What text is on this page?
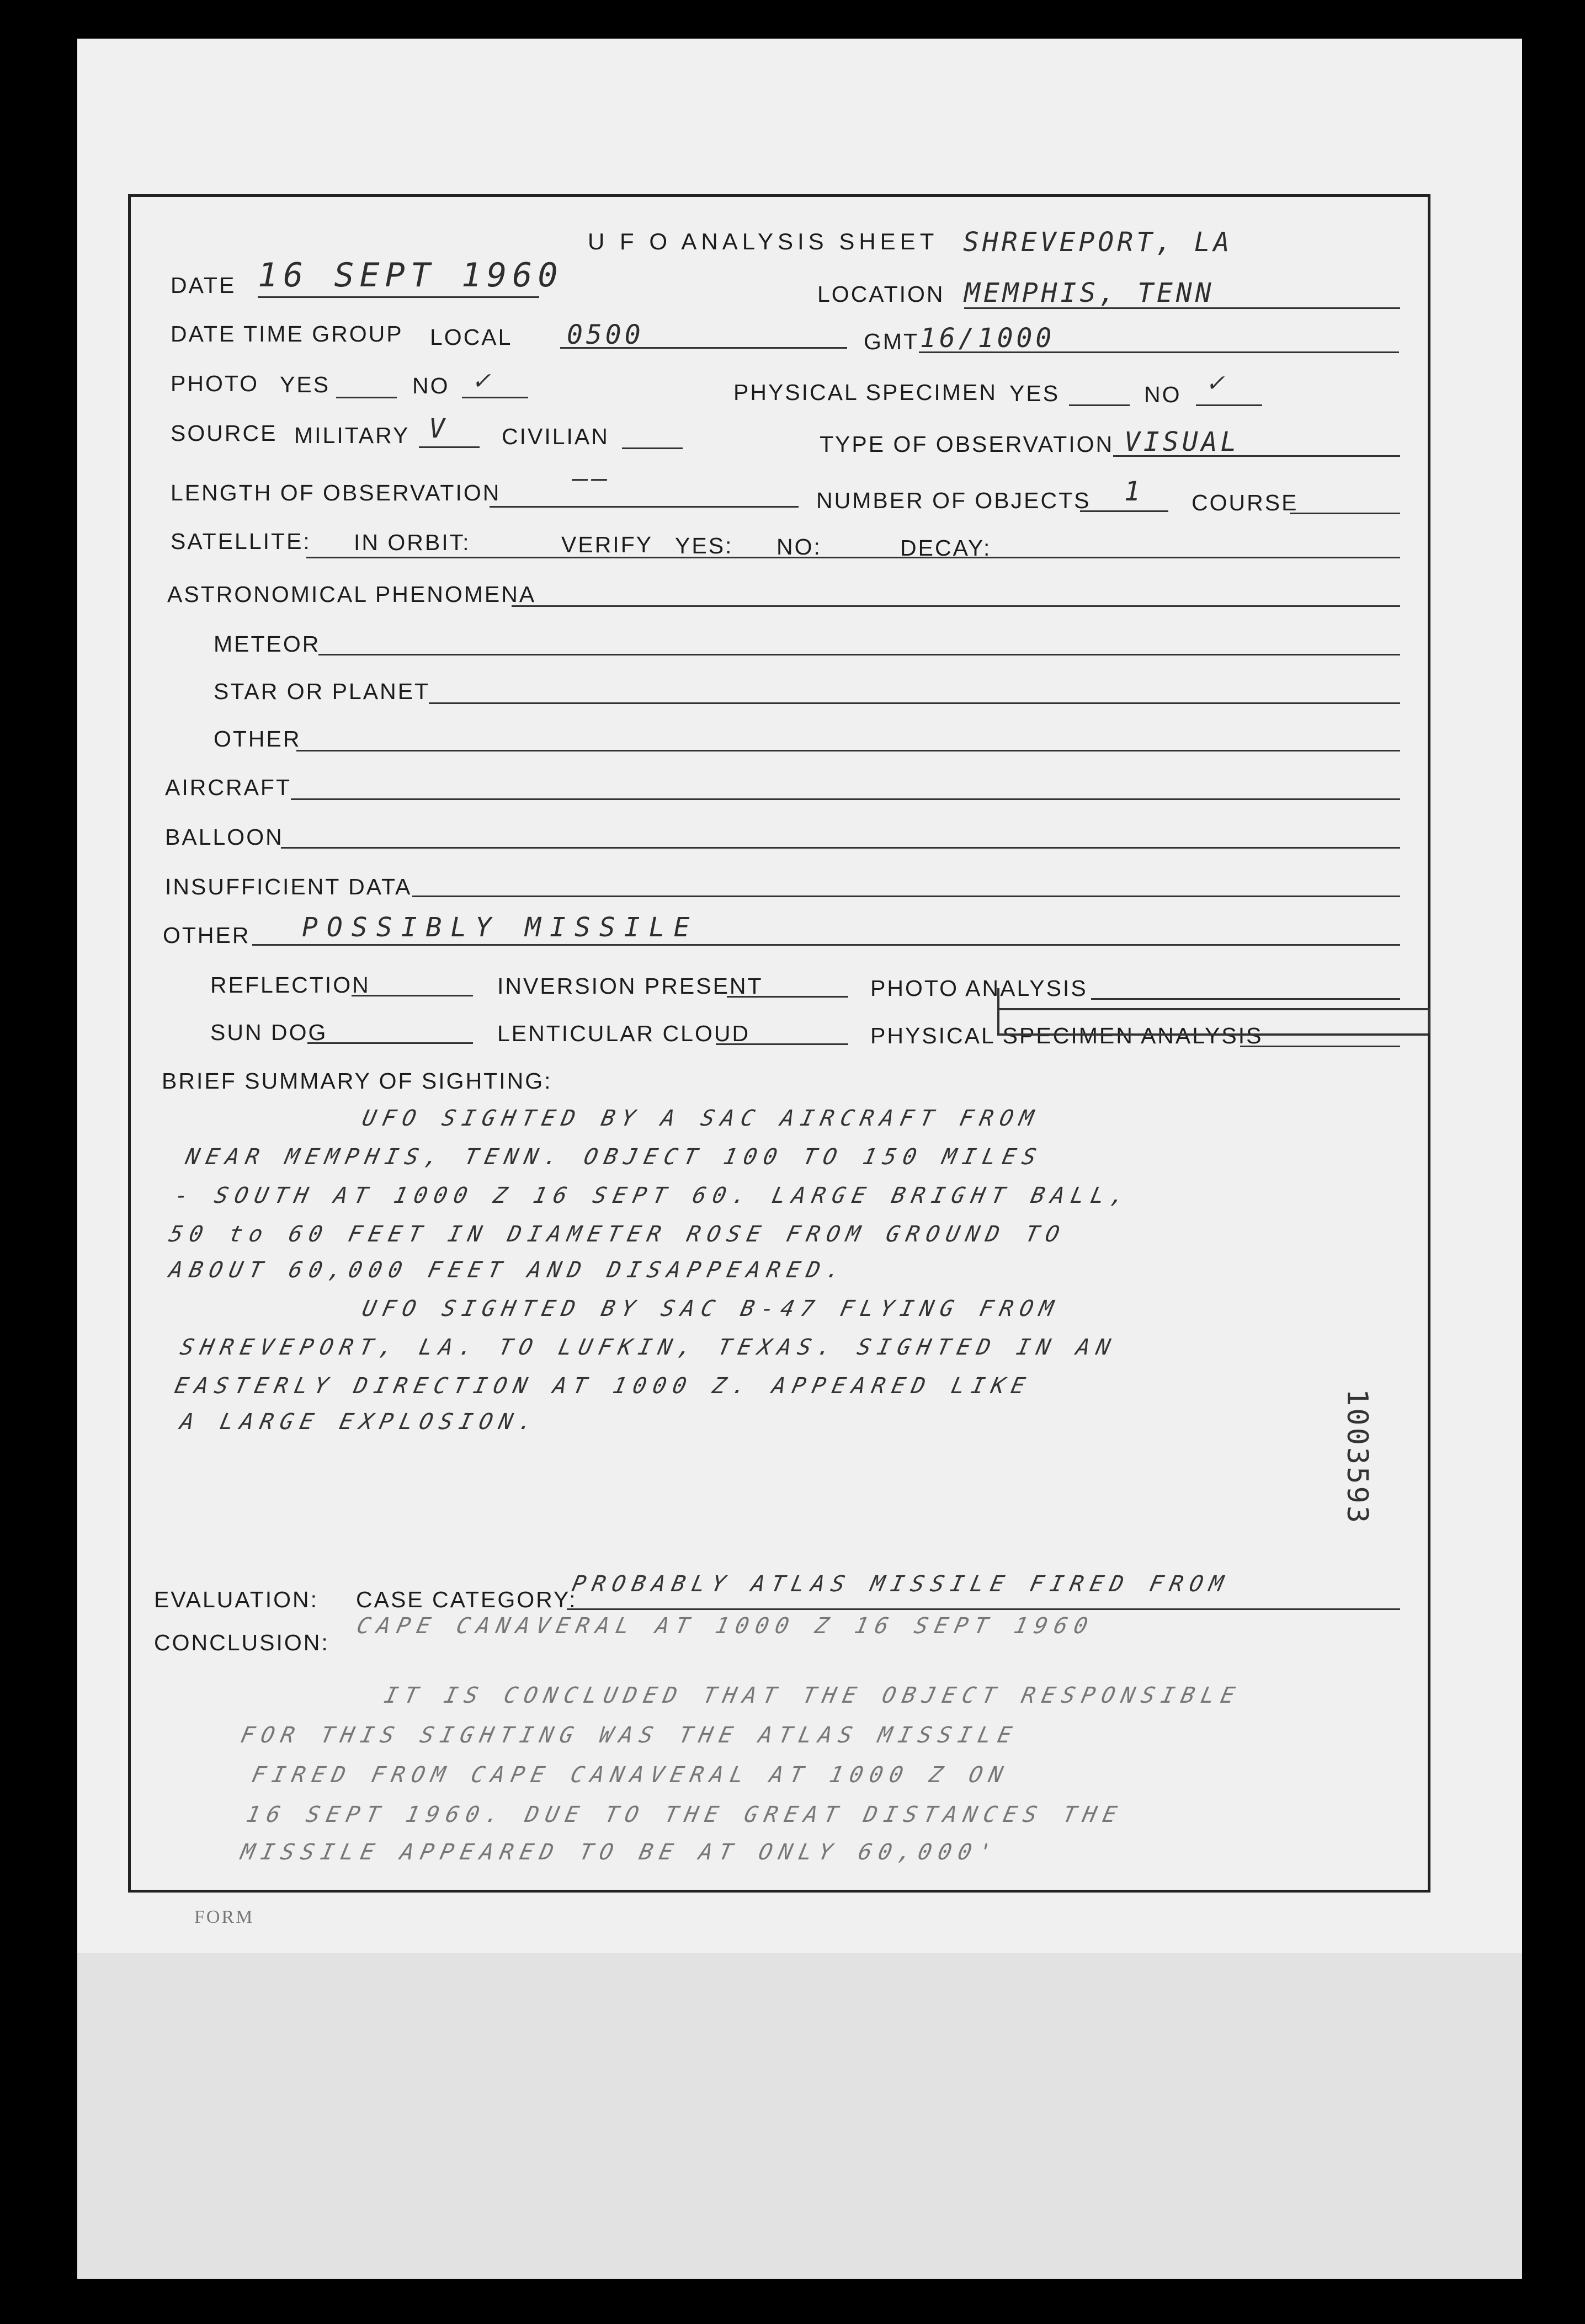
U F O ANALYSIS SHEET SHREVEPORT, LA
DATE 16 SEPT 1960	LOCATION MEMPHIS, TENN
DATE TIME GROUP LOCAL 0500	GMT 16/1000
PHOTO YES	NO ✓	PHYSICAL SPECIMEN YES	NO ✓
SOURCE MILITARY V CIVILIAN	TYPE OF OBSERVATION VISUAL
LENGTH OF OBSERVATION	——
NUMBER OF OBJECTS 1 COURSE
SATELLITE: IN ORBIT:	VERIFY YES: NO:	DECAY:
ASTRONOMICAL PHENOMENA
METEOR
STAR OR PLANET
OTHER
AIRCRAFT
BALLOON
INSUFFICIENT DATA
OTHER POSSIBLY MISSILE
REFLECTION	INVERSION PRESENT	PHOTO ANALYSIS
SUN DOG	LENTICULAR CLOUD	PHYSICAL SPECIMEN ANALYSIS
BRIEF SUMMARY OF SIGHTING:
UFO SIGHTED BY A SAC AIRCRAFT FROM
NEAR MEMPHIS, TENN. OBJECT 100 TO 150 MILES
- SOUTH AT 1000 Z 16 SEPT 60. LARGE BRIGHT BALL,
50 to 60 FEET IN DIAMETER ROSE FROM GROUND TO
ABOUT 60,000 FEET AND DISAPPEARED.
UFO SIGHTED BY SAC B-47 FLYING FROM
SHREVEPORT, LA. TO LUFKIN, TEXAS. SIGHTED IN AN
EASTERLY DIRECTION AT 1000 Z. APPEARED LIKE
A LARGE EXPLOSION.	1003593
EVALUATION: CASE CATEGORY:
PROBABLY ATLAS MISSILE FIRED FROM
CONCLUSION:
CAPE CANAVERAL AT 1000 Z 16 SEPT 1960
IT IS CONCLUDED THAT THE OBJECT RESPONSIBLE
FOR THIS SIGHTING WAS THE ATLAS MISSILE
FIRED FROM CAPE CANAVERAL AT 1000 Z ON
16 SEPT 1960. DUE TO THE GREAT DISTANCES THE
MISSILE APPEARED TO BE AT ONLY 60,000'
FORM
